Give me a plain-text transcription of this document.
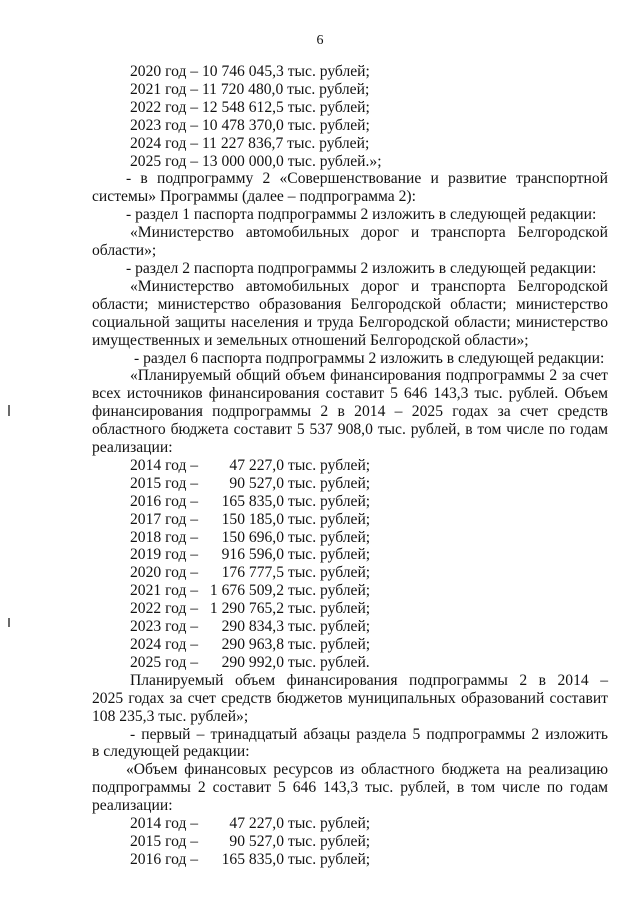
6
2020 год – 10 746 045,3 тыс. рублей;
2021 год – 11 720 480,0 тыс. рублей;
2022 год – 12 548 612,5 тыс. рублей;
2023 год – 10 478 370,0 тыс. рублей;
2024 год – 11 227 836,7 тыс. рублей;
2025 год – 13 000 000,0 тыс. рублей.»;
- в подпрограмму 2 «Совершенствование и развитие транспортной
системы» Программы (далее – подпрограмма 2):
- раздел 1 паспорта подпрограммы 2 изложить в следующей редакции:
«Министерство автомобильных дорог и транспорта Белгородской
области»;
- раздел 2 паспорта подпрограммы 2 изложить в следующей редакции:
«Министерство автомобильных дорог и транспорта Белгородской
области; министерство образования Белгородской области; министерство
социальной защиты населения и труда Белгородской области; министерство
имущественных и земельных отношений Белгородской области»;
- раздел 6 паспорта подпрограммы 2 изложить в следующей редакции:
«Планируемый общий объем финансирования подпрограммы 2 за счет
всех источников финансирования составит 5 646 143,3 тыс. рублей. Объем
финансирования подпрограммы 2 в 2014 – 2025 годах за счет средств
областного бюджета составит 5 537 908,0 тыс. рублей, в том числе по годам
реализации:
2014 год –	47 227,0 тыс. рублей;
2015 год –	90 527,0 тыс. рублей;
2016 год –	165 835,0 тыс. рублей;
2017 год –	150 185,0 тыс. рублей;
2018 год –	150 696,0 тыс. рублей;
2019 год –	916 596,0 тыс. рублей;
2020 год –	176 777,5 тыс. рублей;
2021 год – 1 676 509,2 тыс. рублей;
2022 год – 1 290 765,2 тыс. рублей;
2023 год –	290 834,3 тыс. рублей;
2024 год –	290 963,8 тыс. рублей;
2025 год –	290 992,0 тыс. рублей.
Планируемый объем финансирования подпрограммы 2 в 2014 –
2025 годах за счет средств бюджетов муниципальных образований составит
108 235,3 тыс. рублей»;
- первый – тринадцатый абзацы раздела 5 подпрограммы 2 изложить
в следующей редакции:
«Объем финансовых ресурсов из областного бюджета на реализацию
подпрограммы 2 составит 5 646 143,3 тыс. рублей, в том числе по годам
реализации:
2014 год –	47 227,0 тыс. рублей;
2015 год –	90 527,0 тыс. рублей;
2016 год –	165 835,0 тыс. рублей;
